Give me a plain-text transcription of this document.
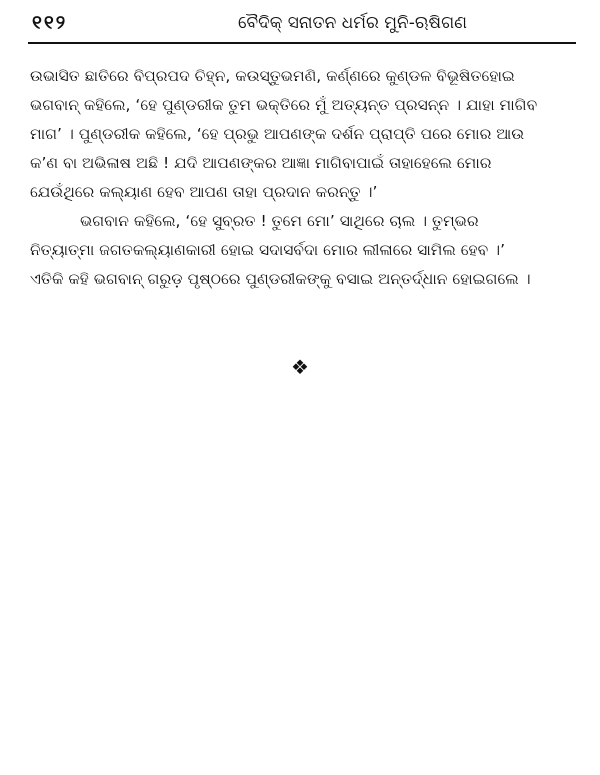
୧୧୨	ବୈଦିକ୍ ସନାତନ ଧର୍ମର ମୁନି-ଋଷିଗଣ
ଉଭାସିତ ଛାତିରେ ବିପ୍ରପଦ ଚିହ୍ନ, କଉସ୍ତୁଭମଣି, କର୍ଣ୍ଣରେ କୁଣ୍ଡଳ ବିଭୂଷିତହୋଇ
ଭଗବାନ୍ କହିଲେ, ‘ହେ ପୁଣ୍ଡରୀକ ତୁମ ଭକ୍ତିରେ ମୁଁ ଅତ୍ୟନ୍ତ ପ୍ରସନ୍ନ । ଯାହା ମାଗିବ
ମାଗ’ । ପୁଣ୍ଡରୀକ କହିଲେ, ‘ହେ ପ୍ରଭୁ ଆପଣଙ୍କ ଦର୍ଶନ ପ୍ରାପ୍ତି ପରେ ମୋର ଆଉ
କ’ଣ ବା ଅଭିଳାଷ ଅଛି ! ଯଦି ଆପଣଙ୍କର ଆଜ୍ଞା ମାଗିବାପାଇଁ ତାହାହେଲେ ମୋର
ଯେଉଁଥିରେ କଲ୍ୟାଣ ହେବ ଆପଣ ତାହା ପ୍ରଦାନ କରନ୍ତୁ ।’
ଭଗବାନ କହିଲେ, ‘ହେ ସୁବ୍ରତ ! ତୁମେ ମୋ’ ସାଥିରେ ଚାଲ । ତୁମ୍ଭର
ନିତ୍ୟାତ୍ମା ଜଗତକଲ୍ୟାଣକାରୀ ହୋଇ ସଦାସର୍ବଦା ମୋର ଲୀଳାରେ ସାମିଲ ହେବ ।’
ଏତିକି କହି ଭଗବାନ୍ ଗରୁଡ଼ ପୃଷ୍ଠରେ ପୁଣ୍ଡରୀକଙ୍କୁ ବସାଇ ଅନ୍ତର୍ଦ୍ଧାନ ହୋଇଗଲେ ।
❖
